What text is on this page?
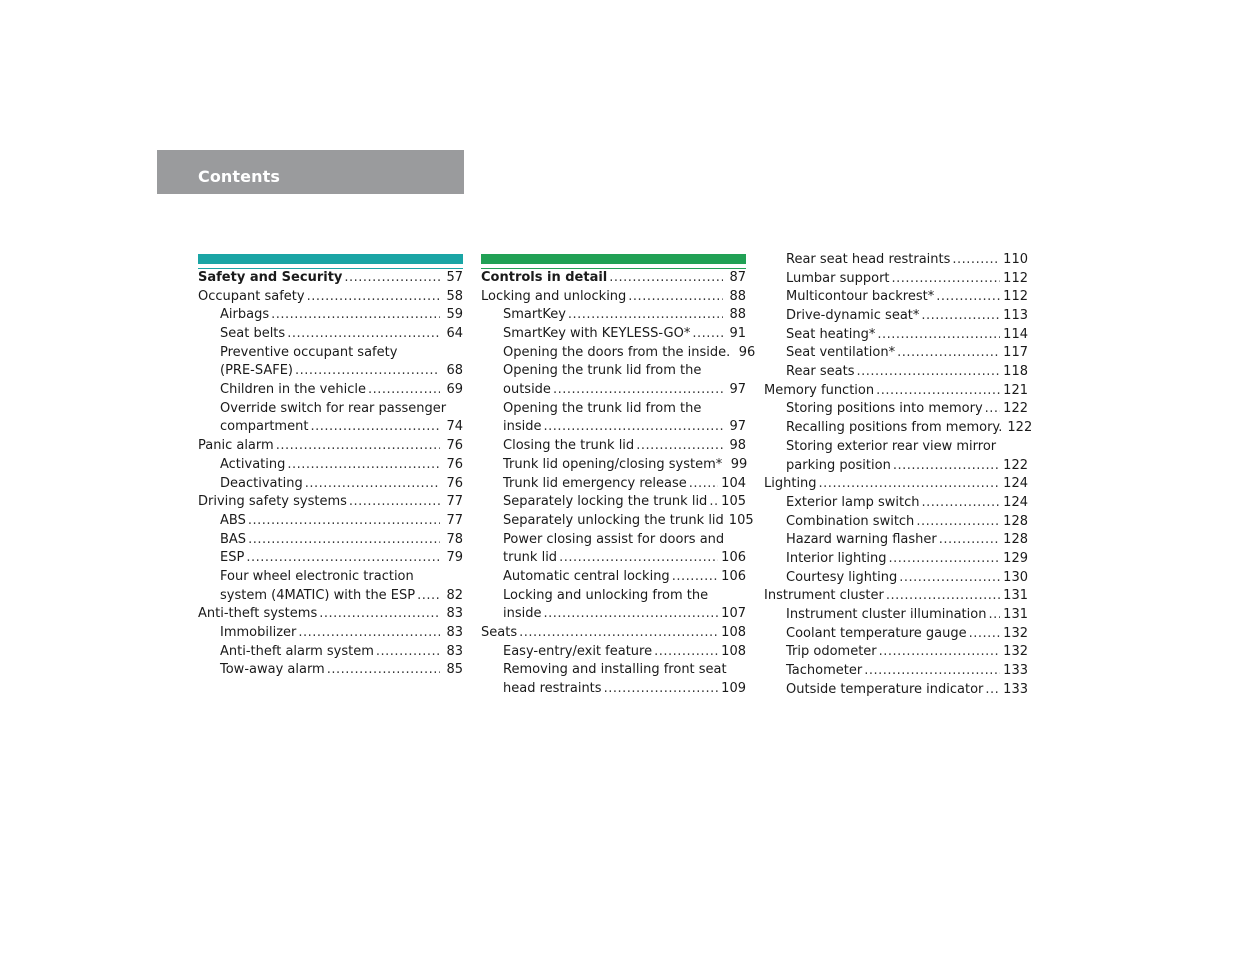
Contents
Safety and Security .....	57
Occupant safety .....	58
Airbags .....	59
Seat belts .....	64
Preventive occupant safety
(PRE-SAFE) .....	68
Children in the vehicle .....	69
Override switch for rear passenger
compartment .....	74
Panic alarm .....	76
Activating .....	76
Deactivating .....	76
Driving safety systems .....	77
ABS .....	77
BAS .....	78
ESP .....	79
Four wheel electronic traction
system (4MATIC) with the ESP ..... 82
Anti-theft systems .....	83
Immobilizer .....	83
Anti-theft alarm system .....	83
Tow-away alarm .....	85
Controls in detail .....	87
Locking and unlocking .....	88
SmartKey .....	88
SmartKey with KEYLESS-GO* .....	91
Opening the doors from the inside. 96
Opening the trunk lid from the
outside .....	97
Opening the trunk lid from the
inside .....	97
Closing the trunk lid .....	98
Trunk lid opening/closing system* 99
Trunk lid emergency release .....	104
Separately locking the trunk lid ..... 105
Separately unlocking the trunk lid 105
Power closing assist for doors and
trunk lid .....	106
Automatic central locking .....	106
Locking and unlocking from the
inside .....	107
Seats .....	108
Easy-entry/exit feature .....	108
Removing and installing front seat
head restraints .....	109
Rear seat head restraints .....	110
Lumbar support .....	112
Multicontour backrest* .....	112
Drive-dynamic seat* .....	113
Seat heating* .....	114
Seat ventilation* .....	117
Rear seats .....	118
Memory function .....	121
Storing positions into memory ..... 122
Recalling positions from memory. 122
Storing exterior rear view mirror
parking position .....	122
Lighting .....	124
Exterior lamp switch .....	124
Combination switch .....	128
Hazard warning flasher .....	128
Interior lighting .....	129
Courtesy lighting .....	130
Instrument cluster .....	131
Instrument cluster illumination ..... 131
Coolant temperature gauge .....	132
Trip odometer .....	132
Tachometer .....	133
Outside temperature indicator ..... 133
